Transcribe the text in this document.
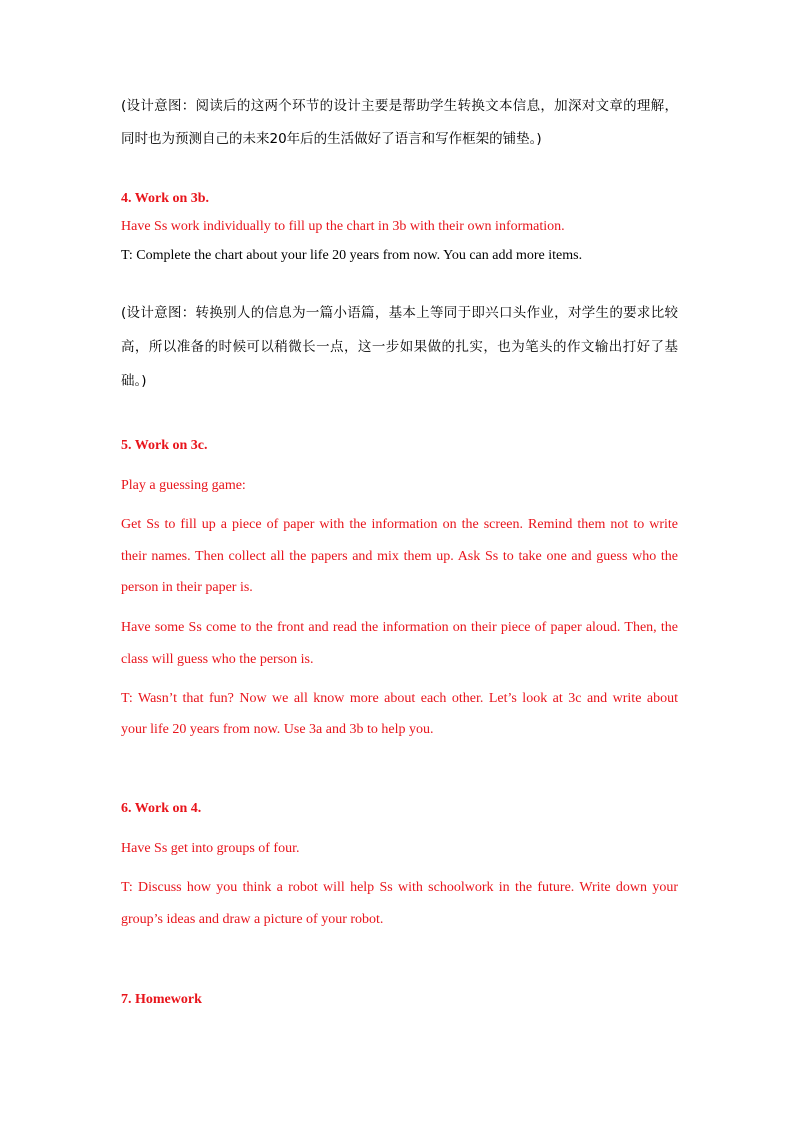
(设计意图：阅读后的这两个环节的设计主要是帮助学生转换文本信息，加深对文章的理解，

同时也为预测自己的未来20年后的生活做好了语言和写作框架的铺垫。)

4. Work on 3b.

Have Ss work individually to fill up the chart in 3b with their own information.

T: Complete the chart about your life 20 years from now. You can add more items.

(设计意图：转换别人的信息为一篇小语篇，基本上等同于即兴口头作业，对学生的要求比较

高，所以准备的时候可以稍微长一点，这一步如果做的扎实，也为笔头的作文输出打好了基

础。)

5. Work on 3c.

Play a guessing game:

Get Ss to fill up a piece of paper with the information on the screen. Remind them not to write

their names. Then collect all the papers and mix them up. Ask Ss to take one and guess who the

person in their paper is.

Have some Ss come to the front and read the information on their piece of paper aloud. Then, the

class will guess who the person is.

T: Wasn’t that fun? Now we all know more about each other. Let’s look at 3c and write about

your life 20 years from now. Use 3a and 3b to help you.

6. Work on 4.

Have Ss get into groups of four.

T: Discuss how you think a robot will help Ss with schoolwork in the future. Write down your

group’s ideas and draw a picture of your robot.

7. Homework
